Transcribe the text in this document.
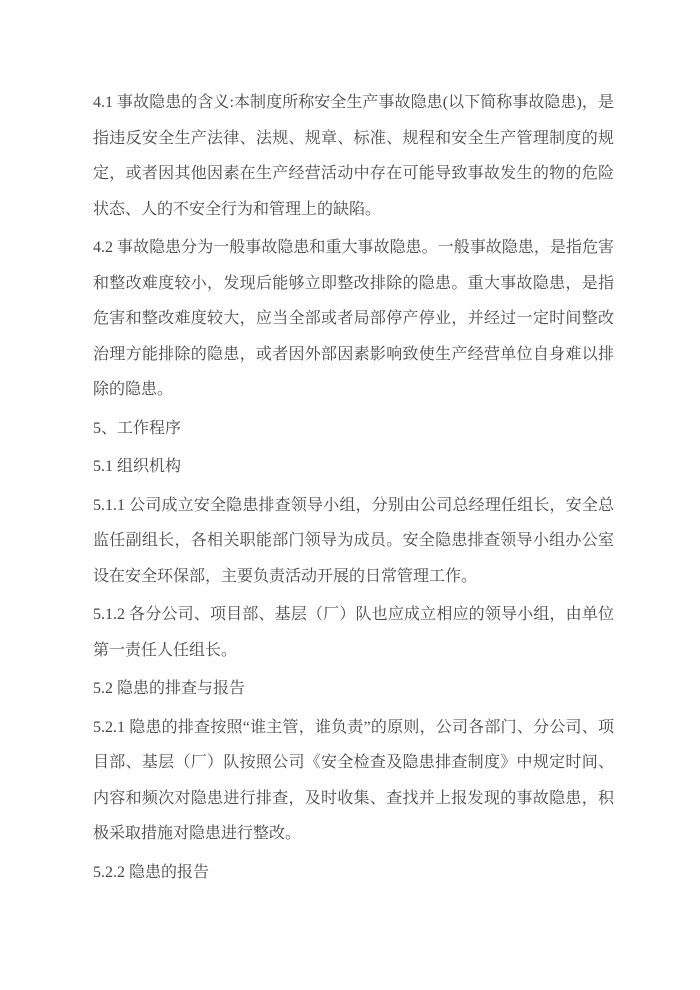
4.1 事故隐患的含义:本制度所称安全生产事故隐患(以下简称事故隐患)，是指违反安全生产法律、法规、规章、标准、规程和安全生产管理制度的规定，或者因其他因素在生产经营活动中存在可能导致事故发生的物的危险状态、人的不安全行为和管理上的缺陷。

4.2 事故隐患分为一般事故隐患和重大事故隐患。一般事故隐患，是指危害和整改难度较小，发现后能够立即整改排除的隐患。重大事故隐患，是指危害和整改难度较大，应当全部或者局部停产停业，并经过一定时间整改治理方能排除的隐患，或者因外部因素影响致使生产经营单位自身难以排除的隐患。

5、工作程序

5.1 组织机构

5.1.1 公司成立安全隐患排查领导小组，分别由公司总经理任组长，安全总监任副组长，各相关职能部门领导为成员。安全隐患排查领导小组办公室设在安全环保部，主要负责活动开展的日常管理工作。

5.1.2 各分公司、项目部、基层（厂）队也应成立相应的领导小组，由单位第一责任人任组长。

5.2 隐患的排查与报告

5.2.1 隐患的排查按照“谁主管，谁负责”的原则，公司各部门、分公司、项目部、基层（厂）队按照公司《安全检查及隐患排查制度》中规定时间、内容和频次对隐患进行排查，及时收集、查找并上报发现的事故隐患，积极采取措施对隐患进行整改。

5.2.2 隐患的报告
